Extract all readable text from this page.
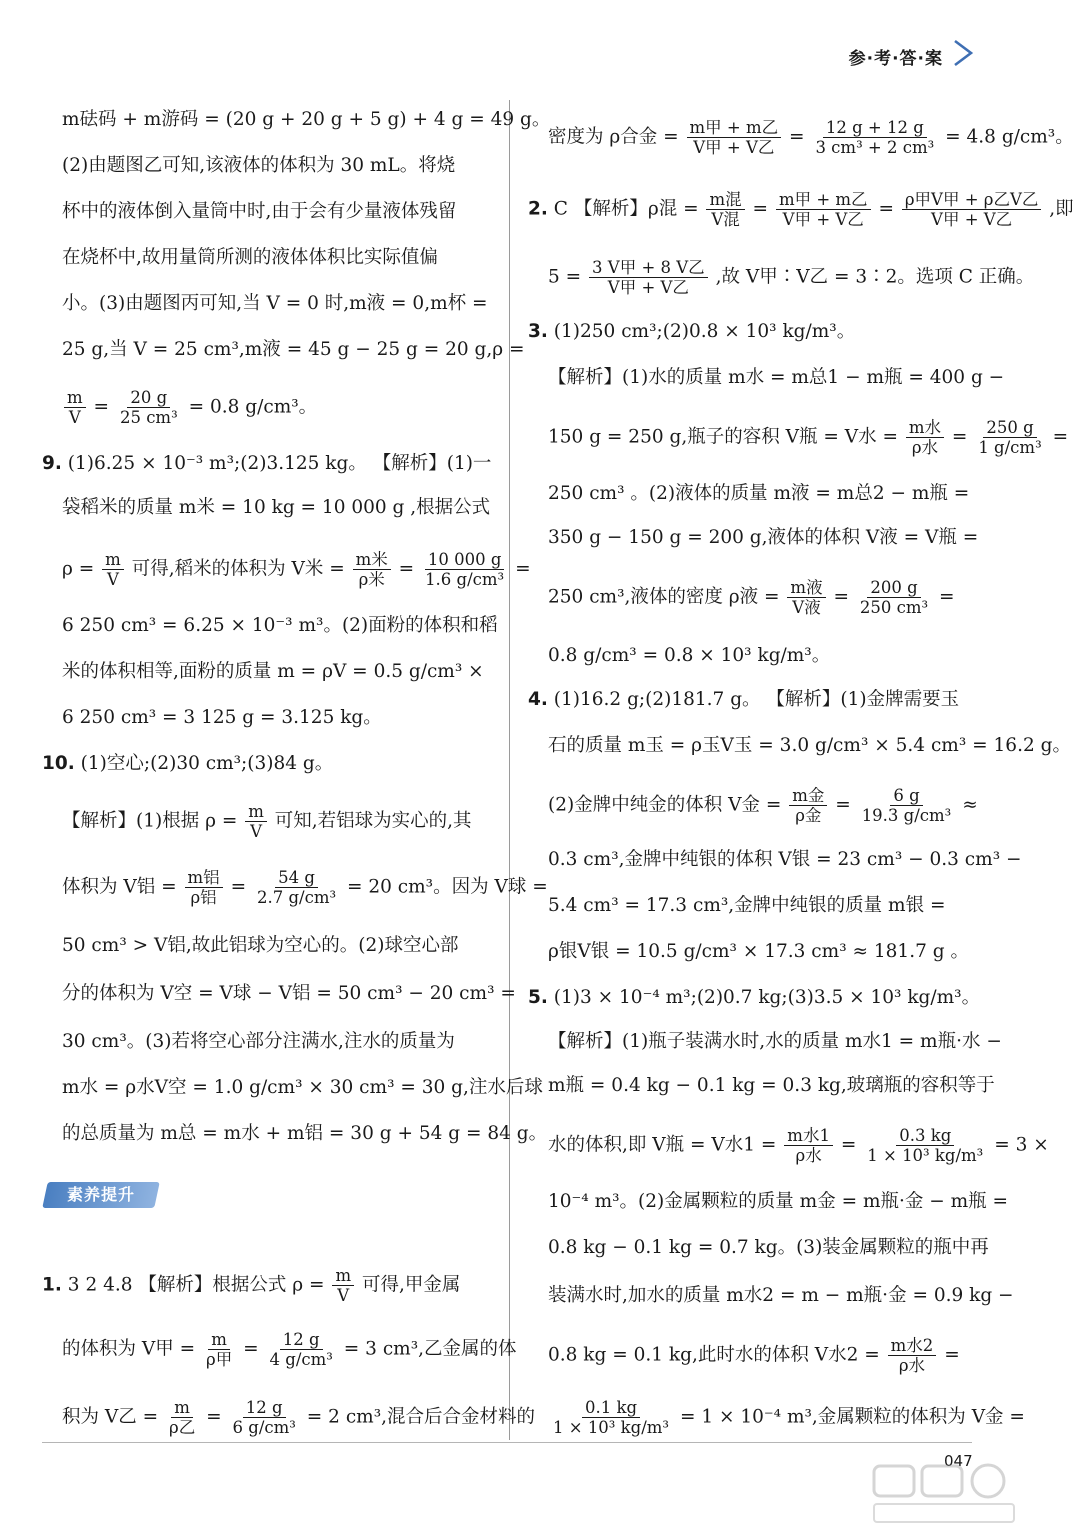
参·考·答·案
m砝码 + m游码 = (20 g + 20 g + 5 g) + 4 g = 49 g。
(2)由题图乙可知,该液体的体积为 30 mL。将烧
杯中的液体倒入量筒中时,由于会有少量液体残留
在烧杯中,故用量筒所测的液体体积比实际值偏
小。(3)由题图丙可知,当 V = 0 时,m液 = 0,m杯 =
25 g,当 V = 25 cm³,m液 = 45 g − 25 g = 20 g,ρ =
$\frac{m}{V} = \frac{20 g}{\text{25 cm³}} = 0.8$ g/cm³。
9. (1)6.25 × 10⁻³ m³;(2)3.125 kg。 【解析】(1)一
袋稻米的质量 m米 = 10 kg = 10 000 g ,根据公式
$\rho = \frac{m}{V}$ 可得,稻米的体积为 V米 = $\frac{\text{m米}}{\text{ρ米}} = \frac{10 000 g}{\text{1.6 g/cm³}}$ =
6 250 cm³ = 6.25 × 10⁻³ m³。(2)面粉的体积和稻
米的体积相等,面粉的质量 m = ρV = 0.5 g/cm³ ×
6 250 cm³ = 3 125 g = 3.125 kg。
10. (1)空心;(2)30 cm³;(3)84 g。
【解析】(1)根据 $\rho = \frac{m}{V}$ 可知,若铝球为实心的,其
体积为 V铝 = $\frac{\text{m铝}}{\text{ρ铝}} = \frac{54 g}{\text{2.7 g/cm³}} = 20$ cm³。因为 V球 =
50 cm³ > V铝,故此铝球为空心的。(2)球空心部
分的体积为 V空 = V球 − V铝 = 50 cm³ − 20 cm³ =
30 cm³。(3)若将空心部分注满水,注水的质量为
m水 = ρ水V空 = 1.0 g/cm³ × 30 cm³ = 30 g,注水后球
的总质量为 m总 = m水 + m铝 = 30 g + 54 g = 84 g。
素养提升
1. 3 2 4.8 【解析】根据公式 $\rho = \frac{m}{V}$ 可得,甲金属
的体积为 V甲 = $\frac{m}{\text{ρ甲}} = \frac{12 g}{\text{4 g/cm³}} = 3$ cm³,乙金属的体
积为 V乙 = $\frac{m}{\text{ρ乙}} = \frac{12 g}{\text{6 g/cm³}} = 2$ cm³,混合后合金材料的
密度为 ρ合金 = $\frac{\text{m甲 + m乙}}{\text{V甲 + V乙}} = \frac{12 g + 12 g}{\text{3 cm³ + 2 cm³}} = 4.8$ g/cm³。
2. C 【解析】ρ混 = $\frac{\text{m混}}{\text{V混}} = \frac{\text{m甲 + m乙}}{\text{V甲 + V乙}} = \frac{\text{ρ甲V甲 + ρ乙V乙}}{\text{V甲 + V乙}}$ ,即
$5 = \frac{\text{3 V甲 + 8 V乙}}{\text{V甲 + V乙}}$ ,故 V甲∶V乙 = 3∶2。选项 C 正确。
3. (1)250 cm³;(2)0.8 × 10³ kg/m³。
【解析】(1)水的质量 m水 = m总1 − m瓶 = 400 g −
150 g = 250 g,瓶子的容积 V瓶 = V水 = $\frac{\text{m水}}{\text{ρ水}} = \frac{250 g}{\text{1 g/cm³}}$ =
250 cm³ 。(2)液体的质量 m液 = m总2 − m瓶 =
350 g − 150 g = 200 g,液体的体积 V液 = V瓶 =
250 cm³,液体的密度 ρ液 = $\frac{\text{m液}}{\text{V液}} = \frac{200 g}{\text{250 cm³}}$ =
0.8 g/cm³ = 0.8 × 10³ kg/m³。
4. (1)16.2 g;(2)181.7 g。 【解析】(1)金牌需要玉
石的质量 m玉 = ρ玉V玉 = 3.0 g/cm³ × 5.4 cm³ = 16.2 g。
(2)金牌中纯金的体积 V金 = $\frac{\text{m金}}{\text{ρ金}} = \frac{6 g}{\text{19.3 g/cm³}}$ ≈
0.3 cm³,金牌中纯银的体积 V银 = 23 cm³ − 0.3 cm³ −
5.4 cm³ = 17.3 cm³,金牌中纯银的质量 m银 =
ρ银V银 = 10.5 g/cm³ × 17.3 cm³ ≈ 181.7 g 。
5. (1)3 × 10⁻⁴ m³;(2)0.7 kg;(3)3.5 × 10³ kg/m³。
【解析】(1)瓶子装满水时,水的质量 m水1 = m瓶·水 −
m瓶 = 0.4 kg − 0.1 kg = 0.3 kg,玻璃瓶的容积等于
水的体积,即 V瓶 = V水$1 = \frac{\text{m水1}}{\text{ρ水}} = \frac{0.3 kg}{\text{1 × 10³ kg/m³}} = 3$ ×
10⁻⁴ m³。(2)金属颗粒的质量 m金 = m瓶·金 − m瓶 =
0.8 kg − 0.1 kg = 0.7 kg。(3)装金属颗粒的瓶中再
装满水时,加水的质量 m水2 = m − m瓶·金 = 0.9 kg −
0.8 kg = 0.1 kg,此时水的体积 V水$2 = \frac{\text{m水2}}{\text{ρ水}}$ =
$\frac{0.1 kg}{\text{1 × 10³ kg/m³}} = 1 \times 10^{-4}$ m³,金属颗粒的体积为 V金 =
047
